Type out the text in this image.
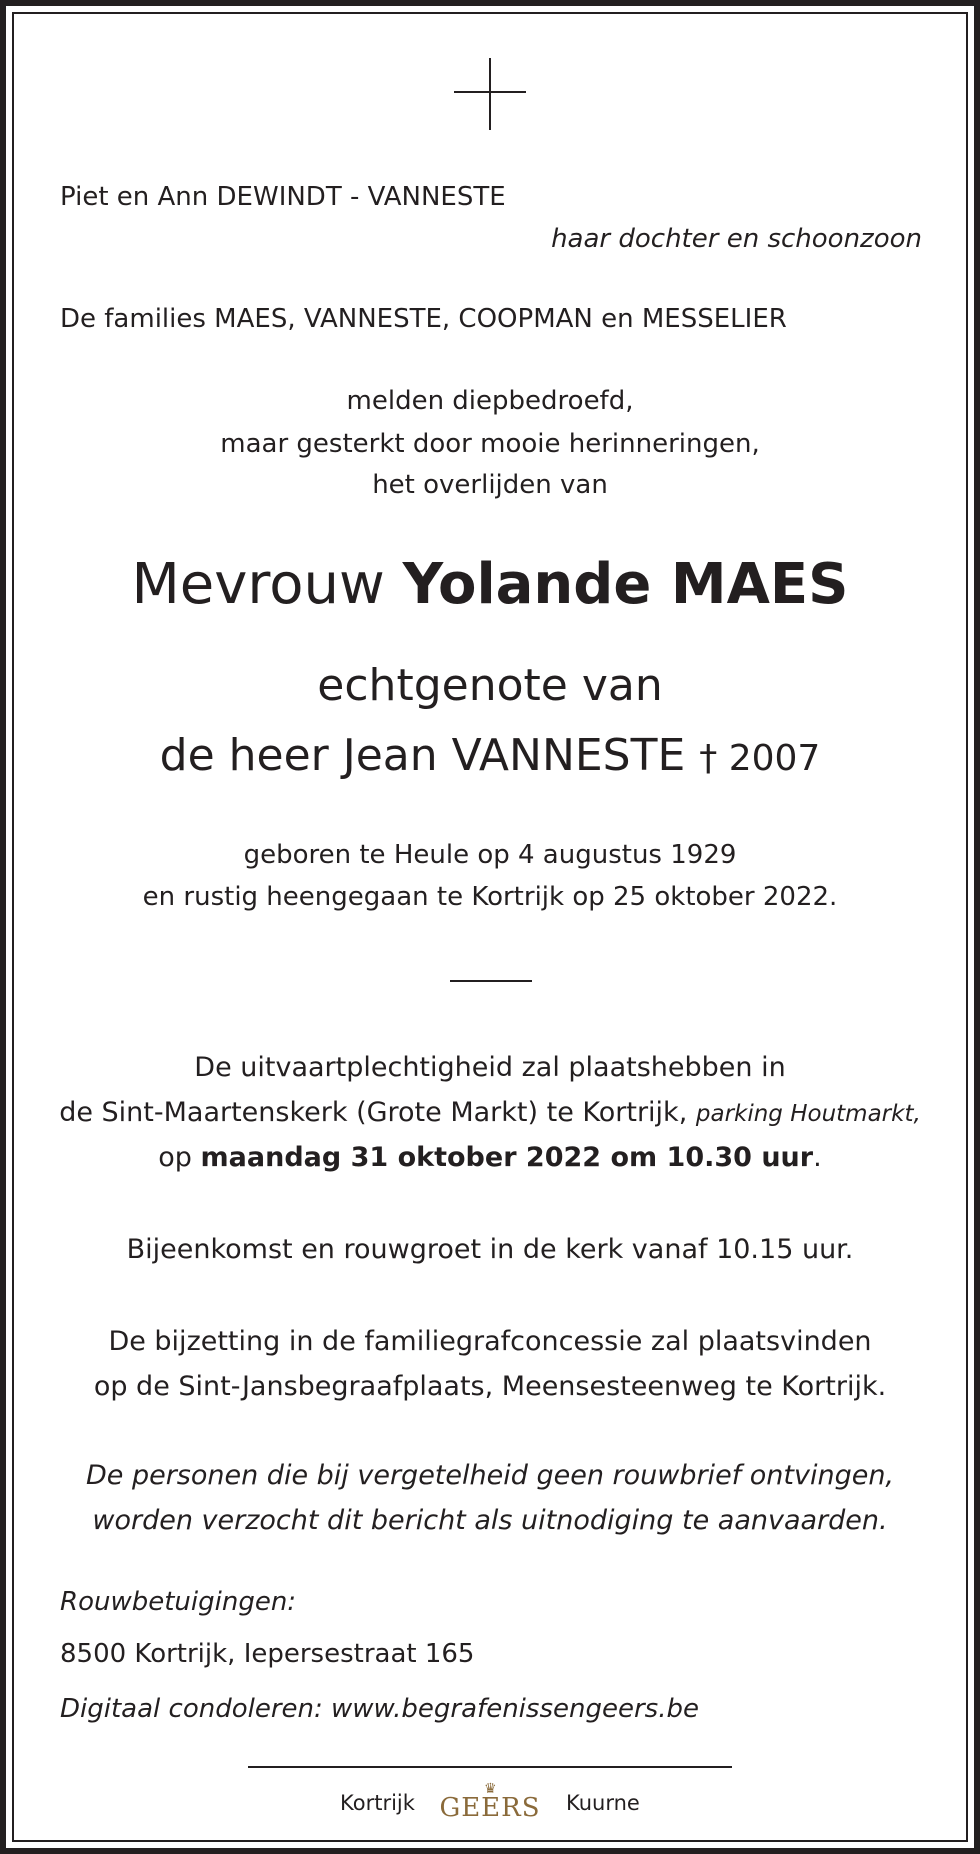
Piet en Ann DEWINDT - VANNESTE

haar dochter en schoonzoon

De families MAES, VANNESTE, COOPMAN en MESSELIER

melden diepbedroefd,

maar gesterkt door mooie herinneringen,

het overlijden van

Mevrouw Yolande MAES

echtgenote van

de heer Jean VANNESTE † 2007

geboren te Heule op 4 augustus 1929

en rustig heengegaan te Kortrijk op 25 oktober 2022.

De uitvaartplechtigheid zal plaatshebben in

de Sint-Maartenskerk (Grote Markt) te Kortrijk, parking Houtmarkt,

op maandag 31 oktober 2022 om 10.30 uur.

Bijeenkomst en rouwgroet in de kerk vanaf 10.15 uur.

De bijzetting in de familiegrafconcessie zal plaatsvinden

op de Sint-Jansbegraafplaats, Meensesteenweg te Kortrijk.

De personen die bij vergetelheid geen rouwbrief ontvingen,

worden verzocht dit bericht als uitnodiging te aanvaarden.

Rouwbetuigingen:

8500 Kortrijk, Iepersestraat 165

Digitaal condoleren: www.begrafenissengeers.be

Kortrijk
♛
GEERS Kuurne
